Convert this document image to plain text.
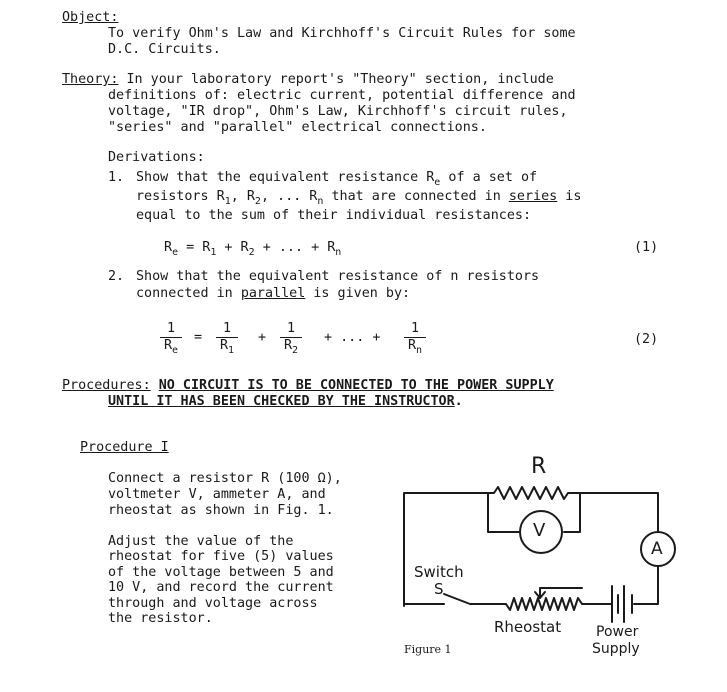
Object:
To verify Ohm's Law and Kirchhoff's Circuit Rules for some
D.C. Circuits.
Theory: In your laboratory report's "Theory" section, include
definitions of: electric current, potential difference and
voltage, "IR drop", Ohm's Law, Kirchhoff's circuit rules,
"series" and "parallel" electrical connections.
Derivations:
1. Show that the equivalent resistance $R_e$ of a set of
resistors $R_1$, $R_2$, ... $R_n$ that are connected in series is
equal to the sum of their individual resistances:
$R_e = R_1 + R_2$ + ... + $R_n$	(1)
2. Show that the equivalent resistance of n resistors
connected in parallel is given by:
$\frac{1}{R_e} = \frac{1}{R_1} + \frac{1}{R_2}$ + ... + $\frac{1}{R_n}$	(2)
Procedures: NO CIRCUIT IS TO BE CONNECTED TO THE POWER SUPPLY
UNTIL IT HAS BEEN CHECKED BY THE INSTRUCTOR.
Procedure I
Connect a resistor R (100 Ω),
voltmeter V, ammeter A, and
rheostat as shown in Fig. 1.
Adjust the value of the
rheostat for five (5) values
of the voltage between 5 and
10 V, and record the current
through and voltage across
the resistor.
R
V
A
Switch
S
Rheostat Power
Supply
Figure 1
